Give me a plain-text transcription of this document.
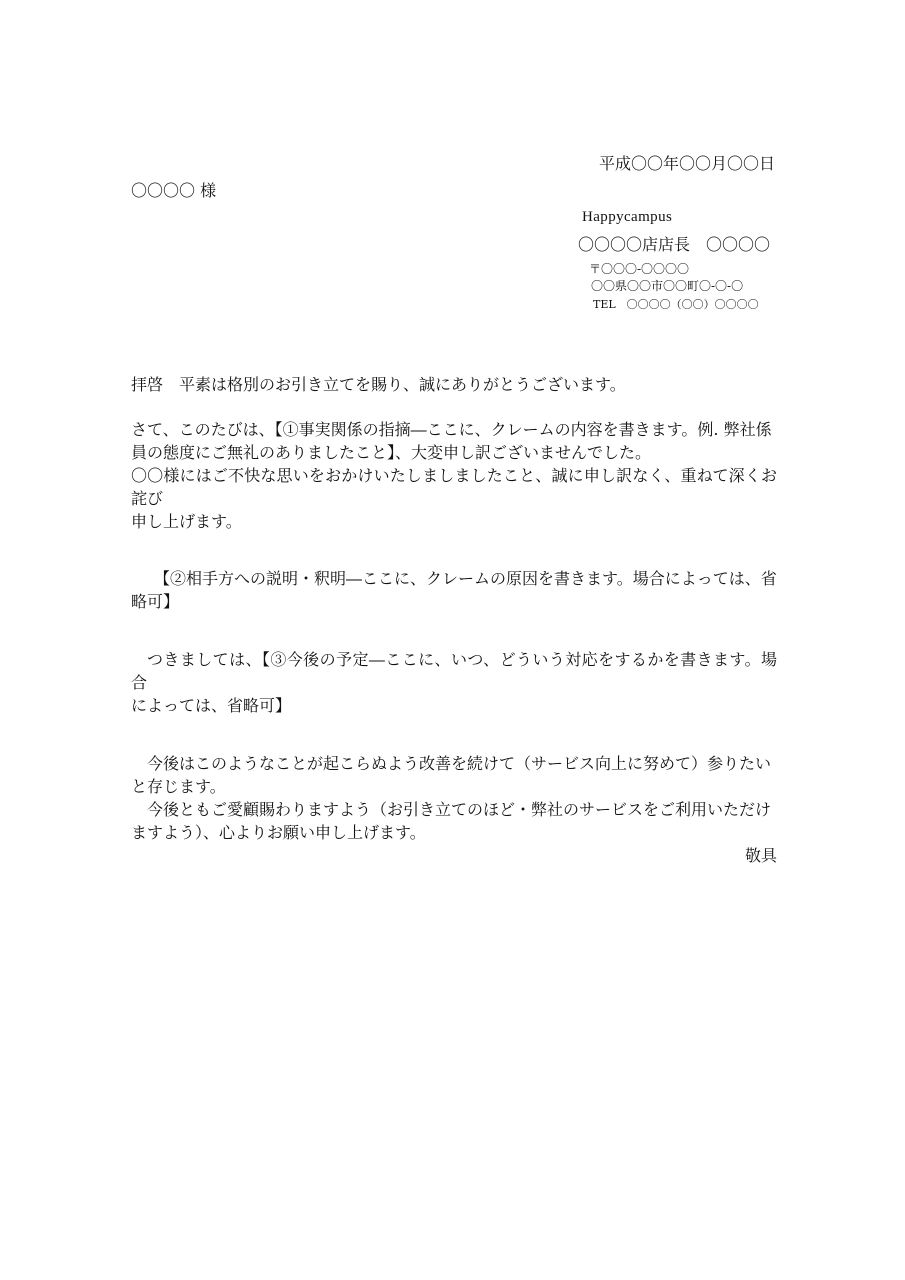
平成〇〇年〇〇月〇〇日
〇〇〇〇 様
Happycampus
〇〇〇〇店店長　〇〇〇〇
〒〇〇〇-〇〇〇〇
〇〇県〇〇市〇〇町〇-〇-〇
TEL　〇〇〇〇（〇〇）〇〇〇〇

拝啓　平素は格別のお引き立てを賜り、誠にありがとうございます。

さて、このたびは、【①事実関係の指摘―ここに、クレームの内容を書きます。例. 弊社係

員の態度にご無礼のありましたこと】、大変申し訳ございませんでした。

〇〇様にはご不快な思いをおかけいたしましましたこと、誠に申し訳なく、重ねて深くお詫び

申し上げます。

【②相手方への説明・釈明―ここに、クレームの原因を書きます。場合によっては、省

略可】

つきましては、【③今後の予定―ここに、いつ、どういう対応をするかを書きます。場合

によっては、省略可】

今後はこのようなことが起こらぬよう改善を続けて（サービス向上に努めて）参りたい

と存じます。

今後ともご愛顧賜わりますよう（お引き立てのほど・弊社のサービスをご利用いただけ

ますよう）、心よりお願い申し上げます。

敬具
